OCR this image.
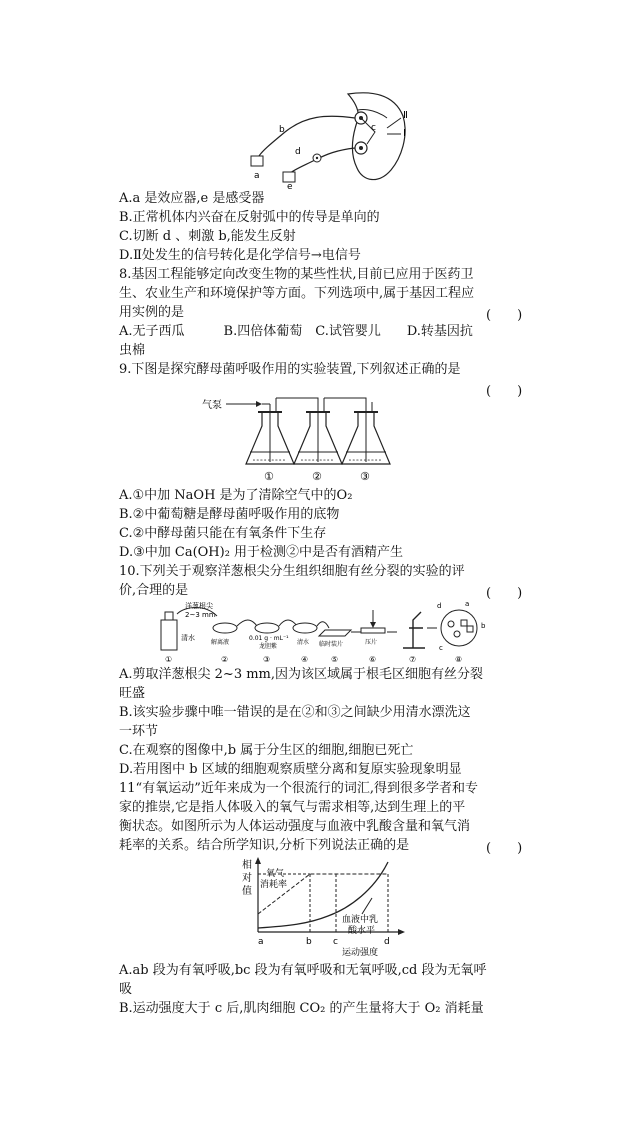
Ⅱ
Ⅰ
c
b
a
d
e
A.a 是效应器,e 是感受器
B.正常机体内兴奋在反射弧中的传导是单向的
C.切断 d 、刺激 b,能发生反射
D.Ⅱ处发生的信号转化是化学信号→电信号
8.基因工程能够定向改变生物的某些性状,目前已应用于医药卫
生、农业生产和环境保护等方面。下列选项中,属于基因工程应
用实例的是	(　　)
A.无子西瓜　　　B.四倍体葡萄　C.试管婴儿　　D.转基因抗
虫棉
9.下图是探究酵母菌呼吸作用的实验装置,下列叙述正确的是
(　　)
气泵
∘∘∘∘∘∘∘∘∘ ∘∘∘∘∘∘∘∘∘ ∘∘∘∘∘∘∘∘∘
①	②	③
A.①中加 NaOH 是为了清除空气中的O₂
B.②中葡萄糖是酵母菌呼吸作用的底物
C.②中酵母菌只能在有氧条件下生存
D.③中加 Ca(OH)₂ 用于检测②中是否有酒精产生
10.下列关于观察洋葱根尖分生组织细胞有丝分裂的实验的评
价,合理的是	(　　)
洋葱根尖
2~3 mm
清水
解离液
0.01 g · mL⁻¹
龙胆紫
清水 临时装片	压片
d	a
b
c
①	②	③	④	⑤	⑥	⑦	⑧
A.剪取洋葱根尖 2~3 mm,因为该区域属于根毛区细胞有丝分裂
旺盛
B.该实验步骤中唯一错误的是在②和③之间缺少用清水漂洗这
一环节
C.在观察的图像中,b 属于分生区的细胞,细胞已死亡
D.若用图中 b 区域的细胞观察质壁分离和复原实验现象明显
11“有氧运动”近年来成为一个很流行的词汇,得到很多学者和专
家的推崇,它是指人体吸入的氧气与需求相等,达到生理上的平
衡状态。如图所示为人体运动强度与血液中乳酸含量和氧气消
耗率的关系。结合所学知识,分析下列说法正确的是	(　　)
相
对
值
氧气
消耗率
血液中乳
酸水平
a	b c	d
运动强度
A.ab 段为有氧呼吸,bc 段为有氧呼吸和无氧呼吸,cd 段为无氧呼
吸
B.运动强度大于 c 后,肌肉细胞 CO₂ 的产生量将大于 O₂ 消耗量
